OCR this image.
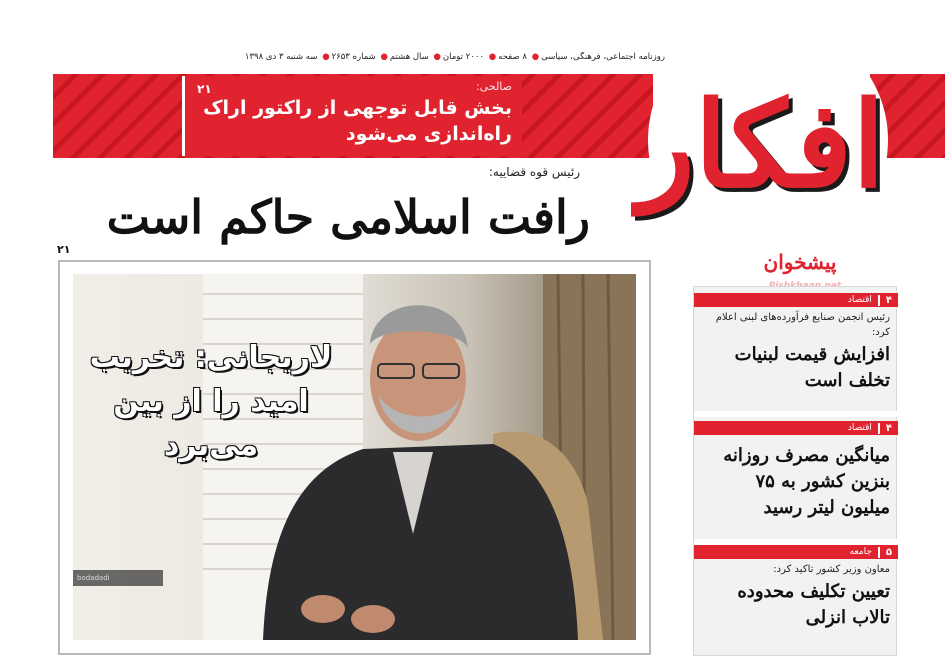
روزنامه اجتماعی، فرهنگی، سیاسی● ۸ صفحه● ۲۰۰۰ تومان● سال هشتم● شماره ۲۶۵۳● سه شنبه ۳ دی ۱۳۹۸
افکار
پیشخوان
صالحی:
۲۱
بخش قابل توجهی از راکتور اراک راه‌اندازی می‌شود
رئیس قوه قضاییه:
رافت اسلامی حاکم است
۲۱
لاریجانی: تخریب امید را از بین می‌برد
bodadadi
۴
اقتصاد
رئیس انجمن صنایع فرآورده‌های لبنی اعلام کرد:
افزایش قیمت لبنیات تخلف است
۴
اقتصاد
میانگین مصرف روزانه بنزین کشور به ۷۵ میلیون لیتر رسید
۵
جامعه
معاون وزیر کشور تاکید کرد:
تعیین تکلیف محدوده تالاب انزلی
